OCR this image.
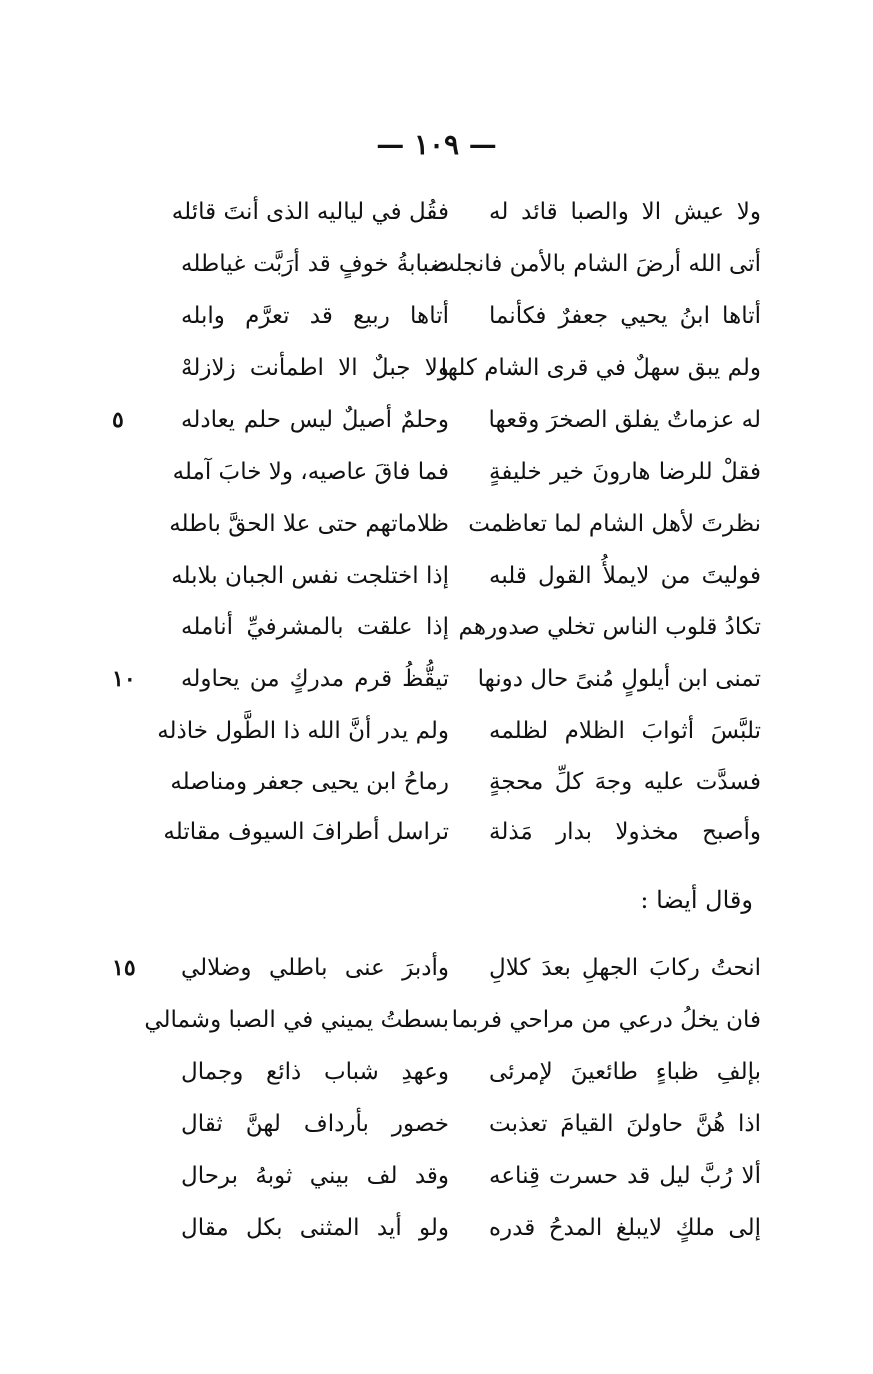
— ١٠٩ —
ولا عيش الا والصبا قائد له
فقُل في لياليه الذى أنتَ قائله
أتى الله أرضَ الشام بالأمن فانجلت
ضبابةُ خوفٍ قد أرَبَّت غياطله
أتاها ابنُ يحيي جعفرٌ فكأنما
أتاها ربيع قد تعرَّم وابله
ولم يبق سهلٌ في قرى الشام كلها
ولا جبلٌ الا اطمأنت زلازلهْ
له عزماتٌ يفلق الصخرَ وقعها
وحلمٌ أصيلٌ ليس حلم يعادله
٥
فقلْ للرضا هارونَ خير خليفةٍ
فما فاقَ عاصيه، ولا خابَ آمله
نظرتَ لأهل الشام لما تعاظمت
ظلاماتهم حتى علا الحقَّ باطله
فوليتَ من لايملأُ القول قلبه
إذا اختلجت نفس الجبان بلابله
تكادُ قلوب الناس تخلي صدورهم
إذا علقت بالمشرفيِّ أنامله
تمنى ابن أيلولٍ مُنىً حال دونها
تيقُّظُ قرم مدركٍ من يحاوله
١٠
تلبَّسَ أثوابَ الظلام لظلمه
ولم يدر أنَّ الله ذا الطَّول خاذله
فسدَّت عليه وجهَ كلِّ محجةٍ
رماحُ ابن يحيى جعفر ومناصله
وأصبح مخذولا بدار مَذلة
تراسل أطرافَ السيوف مقاتله
وقال أيضا :
انحتُ ركابَ الجهلِ بعدَ كلالِ
وأدبرَ عنى باطلي وضلالي
١٥
فان يخلُ درعي من مراحي فربما
بسطتُ يميني في الصبا وشمالي
بإلفِ ظباءٍ طائعينَ لإمرئى
وعهدِ شباب ذائع وجمال
اذا هُنَّ حاولنَ القيامَ تعذبت
خصور بأرداف لهنَّ ثقال
ألا رُبَّ ليل قد حسرت قِناعه
وقد لف بيني ثوبهُ برحال
إلى ملكٍ لايبلغ المدحُ قدره
ولو أيد المثنى بكل مقال
